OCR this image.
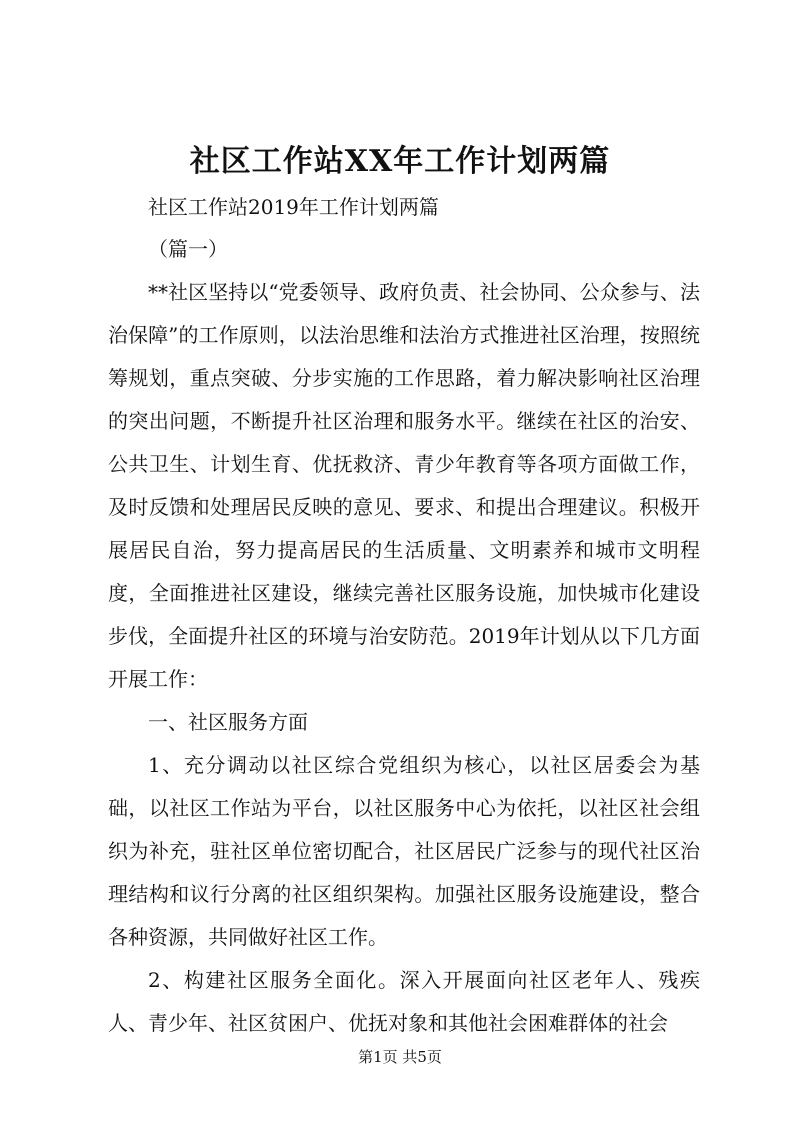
社区工作站XX年工作计划两篇

社区工作站2019年工作计划两篇

（篇一）

**社区坚持以“党委领导、政府负责、社会协同、公众参与、法治保障”的工作原则，以法治思维和法治方式推进社区治理，按照统筹规划，重点突破、分步实施的工作思路，着力解决影响社区治理的突出问题，不断提升社区治理和服务水平。继续在社区的治安、公共卫生、计划生育、优抚救济、青少年教育等各项方面做工作，及时反馈和处理居民反映的意见、要求、和提出合理建议。积极开展居民自治，努力提高居民的生活质量、文明素养和城市文明程度，全面推进社区建设，继续完善社区服务设施，加快城市化建设步伐，全面提升社区的环境与治安防范。2019年计划从以下几方面开展工作：

一、社区服务方面

1、充分调动以社区综合党组织为核心，以社区居委会为基础，以社区工作站为平台，以社区服务中心为依托，以社区社会组织为补充，驻社区单位密切配合，社区居民广泛参与的现代社区治理结构和议行分离的社区组织架构。加强社区服务设施建设，整合各种资源，共同做好社区工作。

2、构建社区服务全面化。深入开展面向社区老年人、残疾人、青少年、社区贫困户、优抚对象和其他社会困难群体的社会

第1页 共5页
